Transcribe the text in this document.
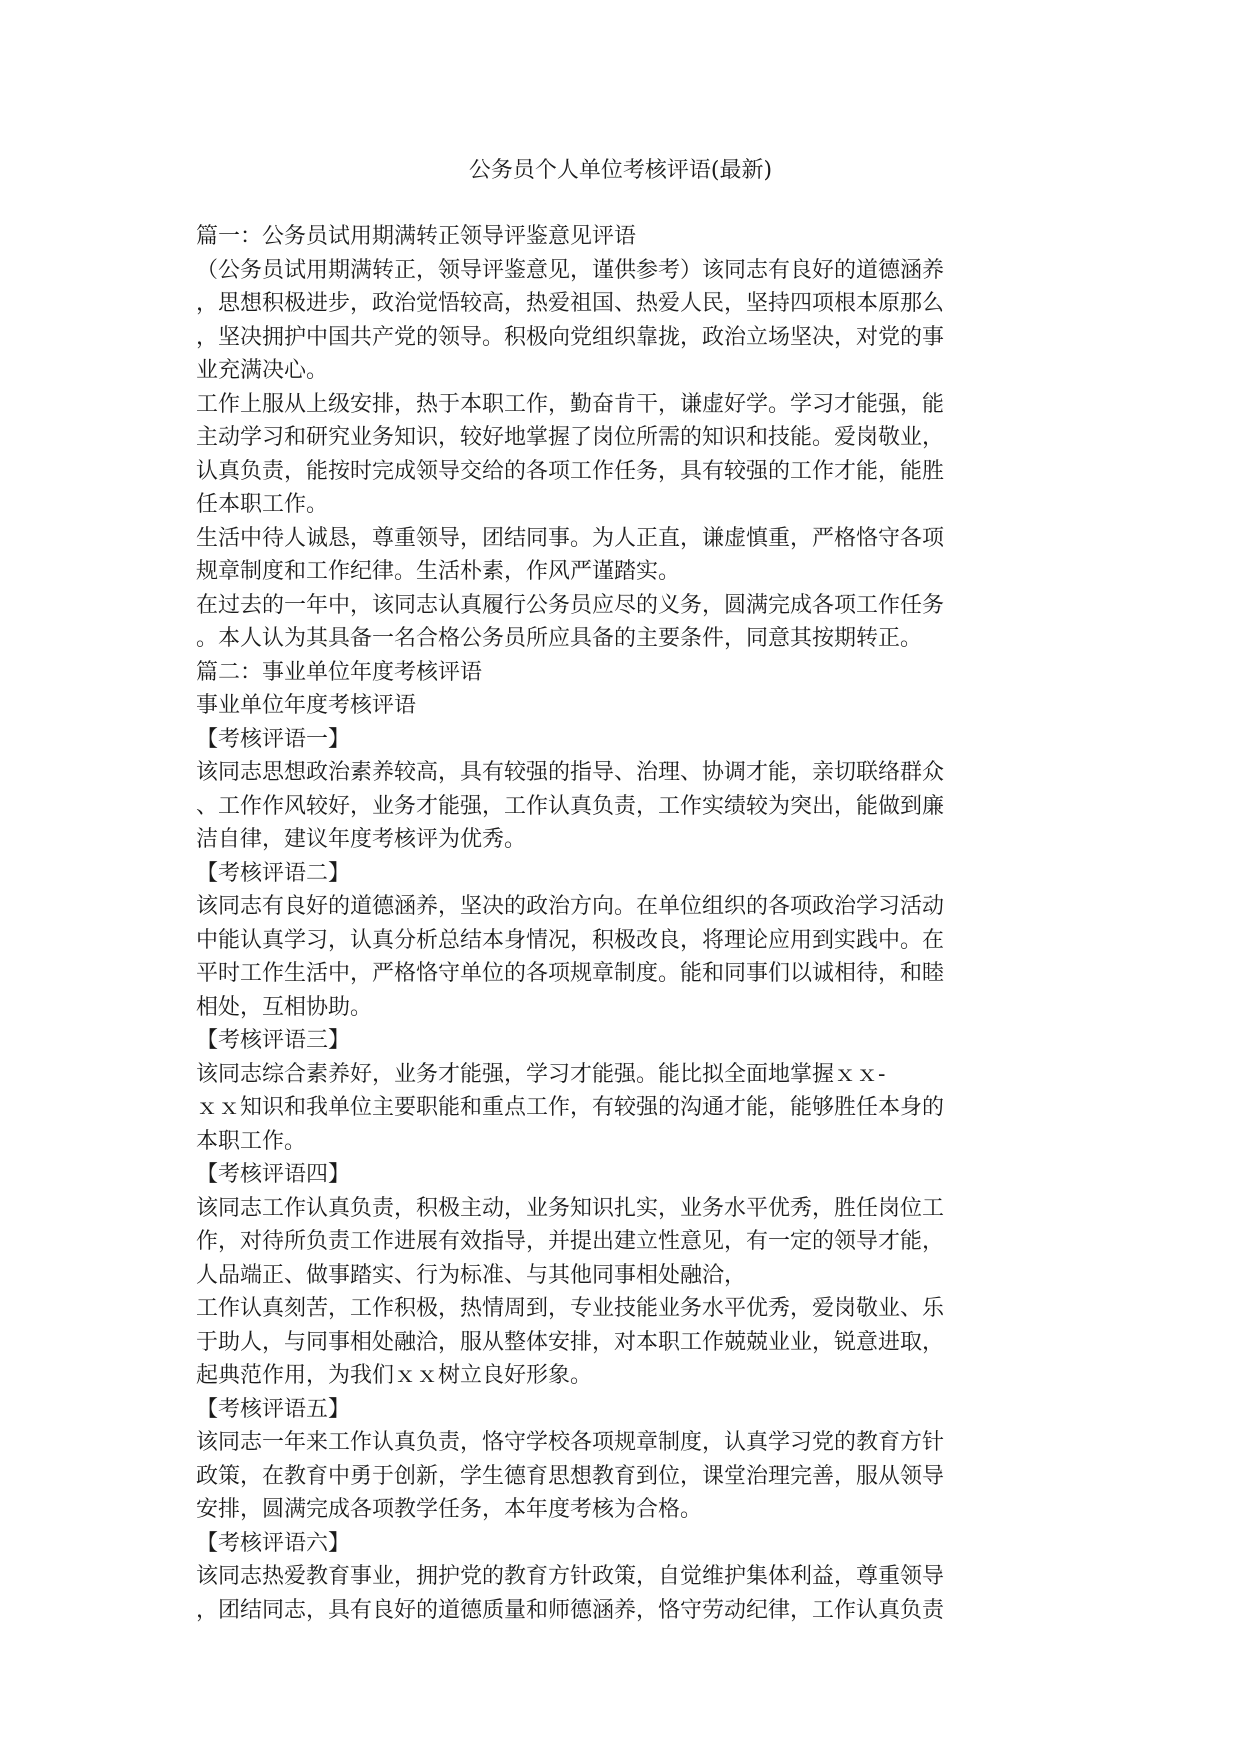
公务员个人单位考核评语(最新)
篇一：公务员试用期满转正领导评鉴意见评语
（公务员试用期满转正，领导评鉴意见，谨供参考）该同志有良好的道德涵养
，思想积极进步，政治觉悟较高，热爱祖国、热爱人民，坚持四项根本原那么
，坚决拥护中国共产党的领导。积极向党组织靠拢，政治立场坚决，对党的事
业充满决心。
工作上服从上级安排，热于本职工作，勤奋肯干，谦虚好学。学习才能强，能
主动学习和研究业务知识，较好地掌握了岗位所需的知识和技能。爱岗敬业，
认真负责，能按时完成领导交给的各项工作任务，具有较强的工作才能，能胜
任本职工作。
生活中待人诚恳，尊重领导，团结同事。为人正直，谦虚慎重，严格恪守各项
规章制度和工作纪律。生活朴素，作风严谨踏实。
在过去的一年中，该同志认真履行公务员应尽的义务，圆满完成各项工作任务
。本人认为其具备一名合格公务员所应具备的主要条件，同意其按期转正。
篇二：事业单位年度考核评语
事业单位年度考核评语
【考核评语一】
该同志思想政治素养较高，具有较强的指导、治理、协调才能，亲切联络群众
、工作作风较好，业务才能强，工作认真负责，工作实绩较为突出，能做到廉
洁自律，建议年度考核评为优秀。
【考核评语二】
该同志有良好的道德涵养，坚决的政治方向。在单位组织的各项政治学习活动
中能认真学习，认真分析总结本身情况，积极改良，将理论应用到实践中。在
平时工作生活中，严格恪守单位的各项规章制度。能和同事们以诚相待，和睦
相处，互相协助。
【考核评语三】
该同志综合素养好，业务才能强，学习才能强。能比拟全面地掌握ｘｘ-
ｘｘ知识和我单位主要职能和重点工作，有较强的沟通才能，能够胜任本身的
本职工作。
【考核评语四】
该同志工作认真负责，积极主动，业务知识扎实，业务水平优秀，胜任岗位工
作，对待所负责工作进展有效指导，并提出建立性意见，有一定的领导才能，
人品端正、做事踏实、行为标准、与其他同事相处融洽，
工作认真刻苦，工作积极，热情周到，专业技能业务水平优秀，爱岗敬业、乐
于助人，与同事相处融洽，服从整体安排，对本职工作兢兢业业，锐意进取，
起典范作用，为我们ｘｘ树立良好形象。
【考核评语五】
该同志一年来工作认真负责，恪守学校各项规章制度，认真学习党的教育方针
政策，在教育中勇于创新，学生德育思想教育到位，课堂治理完善，服从领导
安排，圆满完成各项教学任务，本年度考核为合格。
【考核评语六】
该同志热爱教育事业，拥护党的教育方针政策，自觉维护集体利益，尊重领导
，团结同志，具有良好的道德质量和师德涵养，恪守劳动纪律，工作认真负责
